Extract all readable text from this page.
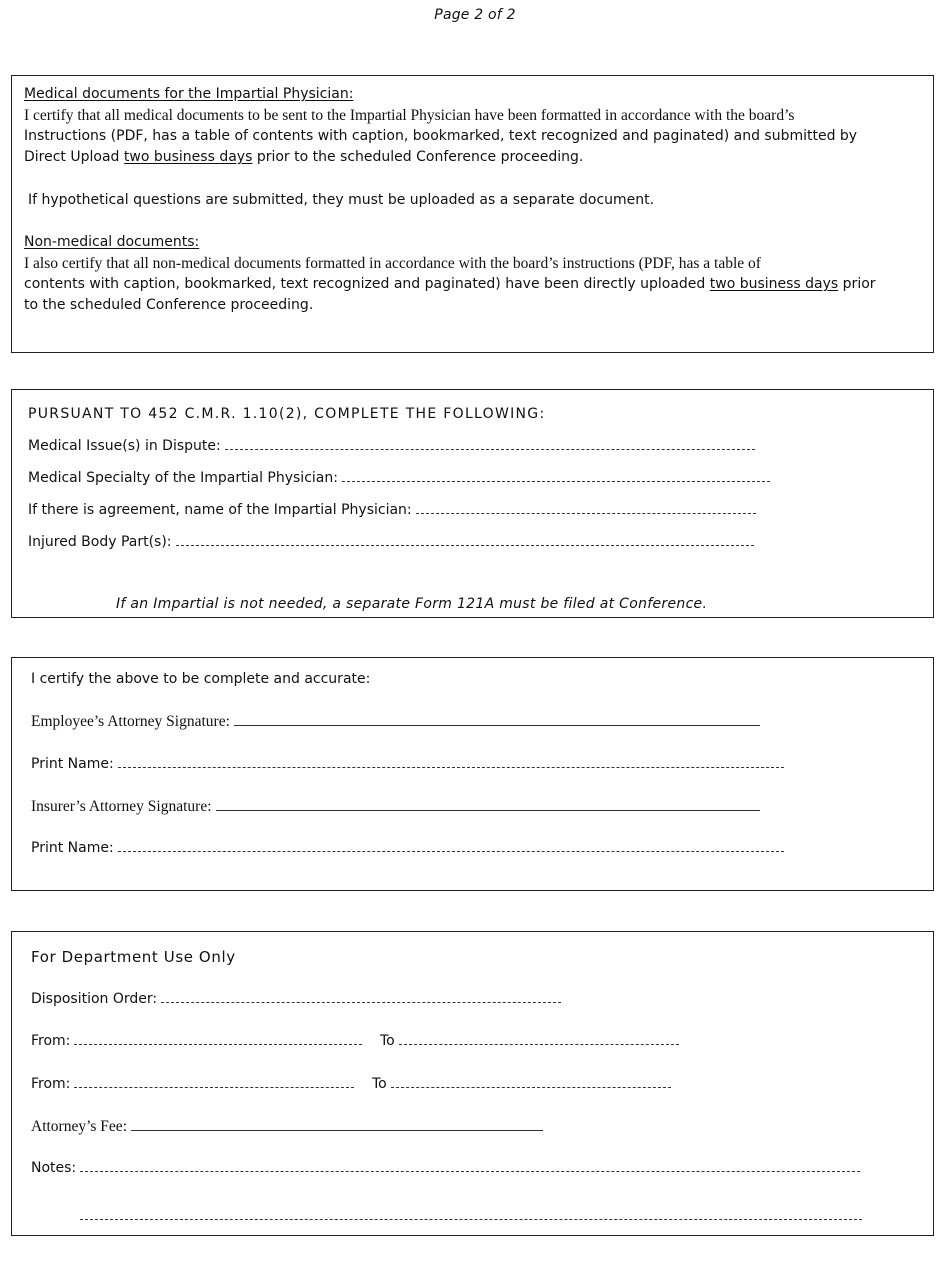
Page 2 of 2
Medical documents for the Impartial Physician:
I certify that all medical documents to be sent to the Impartial Physician have been formatted in accordance with the board’s
Instructions (PDF, has a table of contents with caption, bookmarked, text recognized and paginated) and submitted by
Direct Upload two business days prior to the scheduled Conference proceeding.
If hypothetical questions are submitted, they must be uploaded as a separate document.
Non-medical documents:
I also certify that all non-medical documents formatted in accordance with the board’s instructions (PDF, has a table of
contents with caption, bookmarked, text recognized and paginated) have been directly uploaded two business days prior
to the scheduled Conference proceeding.
PURSUANT TO 452 C.M.R. 1.10(2), COMPLETE THE FOLLOWING:
Medical Issue(s) in Dispute:
Medical Specialty of the Impartial Physician:
If there is agreement, name of the Impartial Physician:
Injured Body Part(s):
If an Impartial is not needed, a separate Form 121A must be filed at Conference.
I certify the above to be complete and accurate:
Employee’s Attorney Signature:
Print Name:
Insurer’s Attorney Signature:
Print Name:
For Department Use Only
Disposition Order:
From:	To
From:	To
Attorney’s Fee:
Notes:
